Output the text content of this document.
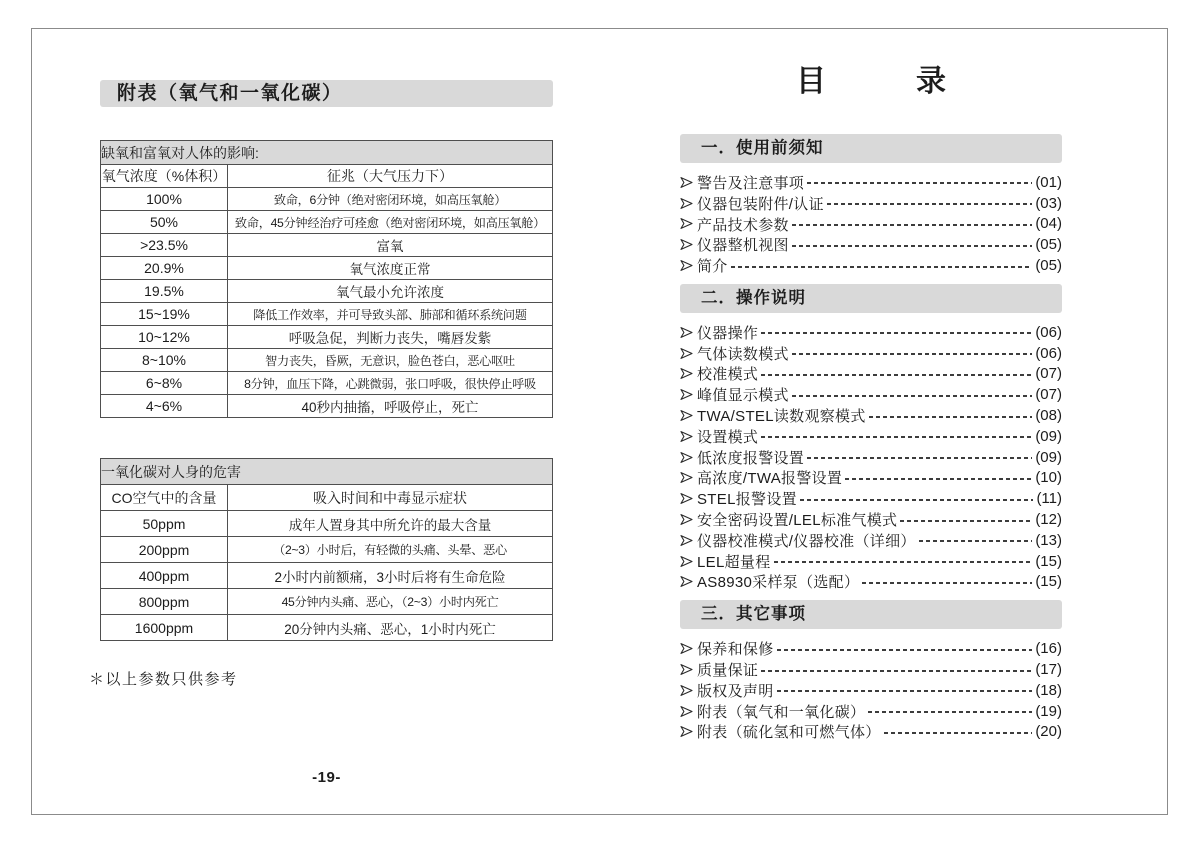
附表（氧气和一氧化碳）
缺氧和富氧对人体的影响:	
氧气浓度（%体积）	征兆（大气压力下）
100%	致命，6分钟（绝对密闭环境，如高压氧舱）
50%	致命，45分钟经治疗可痊愈（绝对密闭环境，如高压氧舱）
>23.5%	富氧
20.9%	氧气浓度正常
19.5%	氧气最小允许浓度
15~19%	降低工作效率，并可导致头部、肺部和循环系统问题
10~12%	呼吸急促，判断力丧失，嘴唇发紫
8~10%	智力丧失，昏厥，无意识，脸色苍白，恶心呕吐
6~8%	8分钟，血压下降，心跳微弱，张口呼吸，很快停止呼吸
4~6%	40秒内抽搐，呼吸停止，死亡
一氧化碳对人身的危害	
CO空气中的含量	吸入时间和中毒显示症状
50ppm	成年人置身其中所允许的最大含量
200ppm	（2~3）小时后，有轻微的头痛、头晕、恶心
400ppm	2小时内前额痛，3小时后将有生命危险
800ppm	45分钟内头痛、恶心，（2~3）小时内死亡
1600ppm	20分钟内头痛、恶心，1小时内死亡
＊以上参数只供参考
-19-
目　　　录
一．使用前须知
警告及注意事项	(01)
仪器包装附件/认证	(03)
产品技术参数	(04)
仪器整机视图	(05)
简介	(05)
二．操作说明
仪器操作	(06)
气体读数模式	(06)
校准模式	(07)
峰值显示模式	(07)
TWA/STEL读数观察模式	(08)
设置模式	(09)
低浓度报警设置	(09)
高浓度/TWA报警设置	(10)
STEL报警设置	(11)
安全密码设置/LEL标准气模式	(12)
仪器校准模式/仪器校准（详细）	(13)
LEL超量程	(15)
AS8930采样泵（选配）	(15)
三．其它事项
保养和保修	(16)
质量保证	(17)
版权及声明	(18)
附表（氧气和一氧化碳）	(19)
附表（硫化氢和可燃气体）	(20)
